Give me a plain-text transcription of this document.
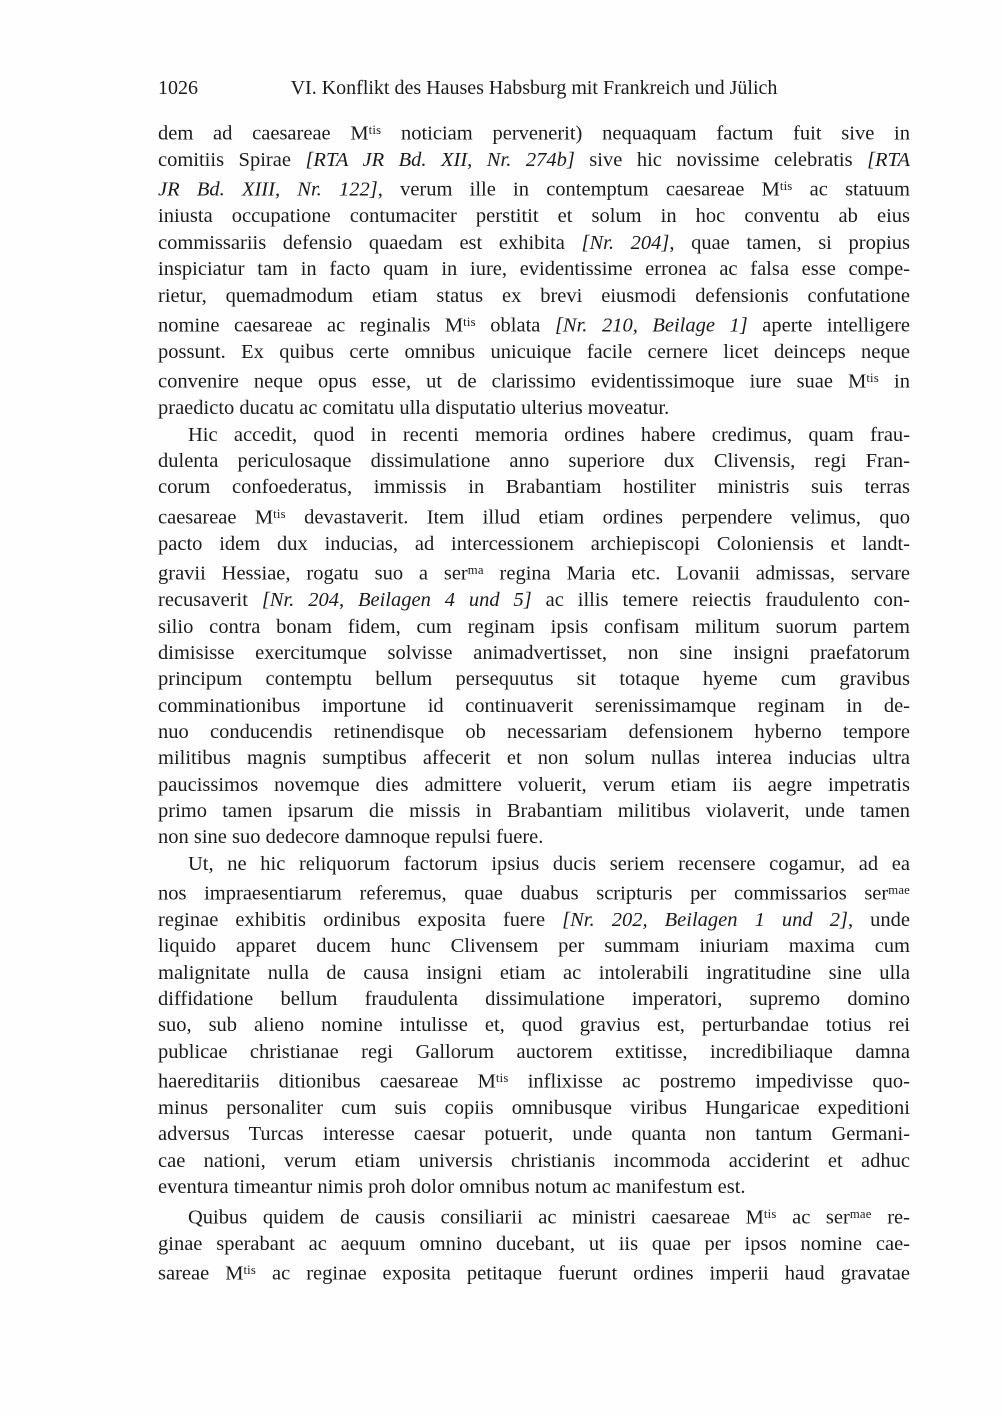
1026	VI. Konflikt des Hauses Habsburg mit Frankreich und Jülich
dem ad caesareae $M^{tis}$ noticiam pervenerit) nequaquam factum fuit sive in
comitiis Spirae [RTA JR Bd. XII, Nr. 274b] sive hic novissime celebratis [RTA
JR Bd. XIII, Nr. 122], verum ille in contemptum caesareae $M^{tis}$ ac statuum
iniusta occupatione contumaciter perstitit et solum in hoc conventu ab eius
commissariis defensio quaedam est exhibita [Nr. 204], quae tamen, si propius
inspiciatur tam in facto quam in iure, evidentissime erronea ac falsa esse compe-
rietur, quemadmodum etiam status ex brevi eiusmodi defensionis confutatione
nomine caesareae ac reginalis $M^{tis}$ oblata [Nr. 210, Beilage 1] aperte intelligere
possunt. Ex quibus certe omnibus unicuique facile cernere licet deinceps neque
convenire neque opus esse, ut de clarissimo evidentissimoque iure suae $M^{tis}$ in
praedicto ducatu ac comitatu ulla disputatio ulterius moveatur.
Hic accedit, quod in recenti memoria ordines habere credimus, quam frau-
dulenta periculosaque dissimulatione anno superiore dux Clivensis, regi Fran-
corum confoederatus, immissis in Brabantiam hostiliter ministris suis terras
caesareae $M^{tis}$ devastaverit. Item illud etiam ordines perpendere velimus, quo
pacto idem dux inducias, ad intercessionem archiepiscopi Coloniensis et landt-
gravii Hessiae, rogatu suo a ser$^{ma}$ regina Maria etc. Lovanii admissas, servare
recusaverit [Nr. 204, Beilagen 4 und 5] ac illis temere reiectis fraudulento con-
silio contra bonam fidem, cum reginam ipsis confisam militum suorum partem
dimisisse exercitumque solvisse animadvertisset, non sine insigni praefatorum
principum contemptu bellum persequutus sit totaque hyeme cum gravibus
comminationibus importune id continuaverit serenissimamque reginam in de-
nuo conducendis retinendisque ob necessariam defensionem hyberno tempore
militibus magnis sumptibus affecerit et non solum nullas interea inducias ultra
paucissimos novemque dies admittere voluerit, verum etiam iis aegre impetratis
primo tamen ipsarum die missis in Brabantiam militibus violaverit, unde tamen
non sine suo dedecore damnoque repulsi fuere.
Ut, ne hic reliquorum factorum ipsius ducis seriem recensere cogamur, ad ea
nos impraesentiarum referemus, quae duabus scripturis per commissarios ser$^{mae}$
reginae exhibitis ordinibus exposita fuere [Nr. 202, Beilagen 1 und 2], unde
liquido apparet ducem hunc Clivensem per summam iniuriam maxima cum
malignitate nulla de causa insigni etiam ac intolerabili ingratitudine sine ulla
diffidatione bellum fraudulenta dissimulatione imperatori, supremo domino
suo, sub alieno nomine intulisse et, quod gravius est, perturbandae totius rei
publicae christianae regi Gallorum auctorem extitisse, incredibiliaque damna
haereditariis ditionibus caesareae $M^{tis}$ inflixisse ac postremo impedivisse quo-
minus personaliter cum suis copiis omnibusque viribus Hungaricae expeditioni
adversus Turcas interesse caesar potuerit, unde quanta non tantum Germani-
cae nationi, verum etiam universis christianis incommoda acciderint et adhuc
eventura timeantur nimis proh dolor omnibus notum ac manifestum est.
Quibus quidem de causis consiliarii ac ministri caesareae $M^{tis}$ ac ser$^{mae}$ re-
ginae sperabant ac aequum omnino ducebant, ut iis quae per ipsos nomine cae-
sareae $M^{tis}$ ac reginae exposita petitaque fuerunt ordines imperii haud gravatae
